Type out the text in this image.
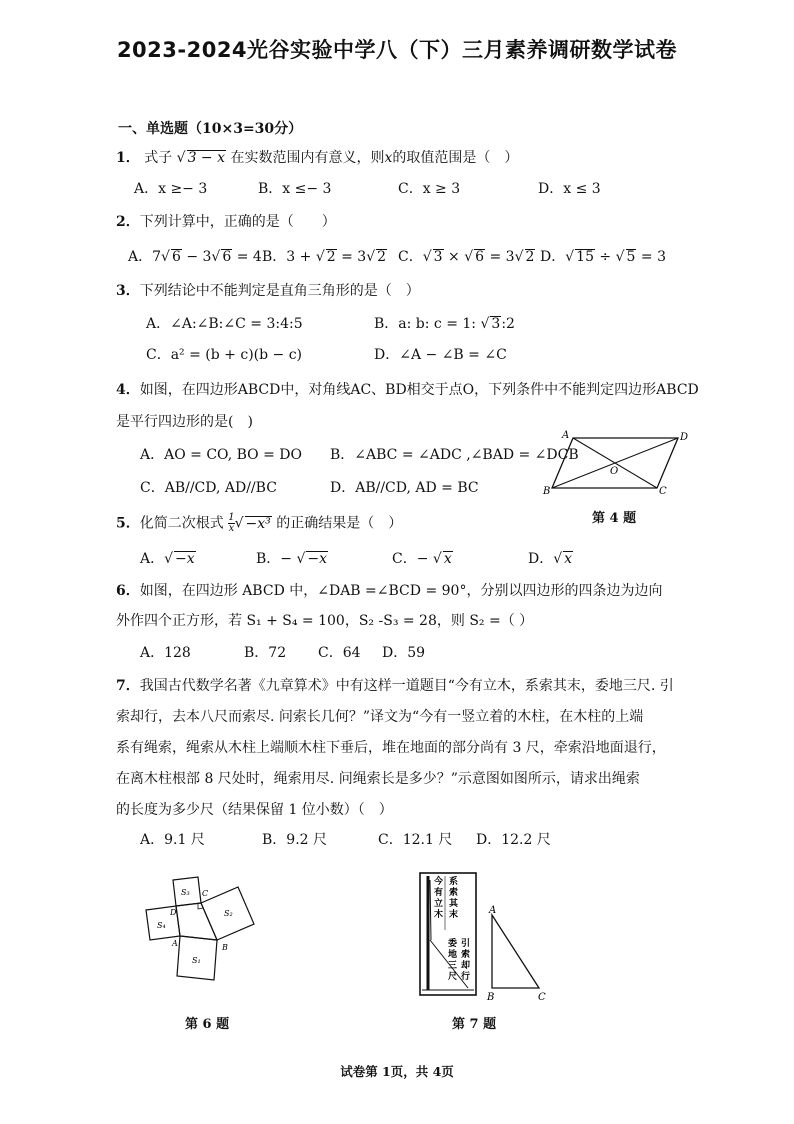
2023-2024光谷实验中学八（下）三月素养调研数学试卷
一、单选题（10×3=30分）
1． 式子 √ 3 − x 在实数范围内有意义，则x的取值范围是（　）
A．x ≥− 3	B．x ≤− 3	C．x ≥ 3	D．x ≤ 3
2．下列计算中，正确的是（　　）
A．7√ 6 − 3√ 6 = 4 B．3 + √ 2 = 3√ 2 C．√ 3 × √ 6 = 3√ 2 D．√ 15 ÷ √ 5 = 3
3．下列结论中不能判定是直角三角形的是（　）
A．∠A:∠B:∠C = 3:4:5	B．a: b: c = 1: √ 3:2
C．a² = (b + c)(b − c)	D．∠A − ∠B = ∠C
4．如图，在四边形ABCD中，对角线AC、BD相交于点O，下列条件中不能判定四边形ABCD
是平行四边形的是(　)
A．AO = CO, BO = DO B．∠ABC = ∠ADC ,∠BAD = ∠DCB
C．AB//CD, AD//BC	D．AB//CD, AD = BC
A	D
O
B	C
第 4 题
5．化简二次根式 $\frac{1}{x}$ √ −x³ 的正确结果是（　）
A．√ −x	B．− √ −x	C．− √ x	D．√ x
6．如图，在四边形 ABCD 中，∠DAB =∠BCD = 90°，分别以四边形的四条边为边向
外作四个正方形，若 S₁ + S₄ = 100，S₂ -S₃ = 28，则 S₂ =（ ）
A．128	B．72 C．64 D．59
7．我国古代数学名著《九章算术》中有这样一道题目“今有立木，系索其末，委地三尺. 引
索却行，去本八尺而索尽. 问索长几何？”译文为“今有一竖立着的木柱，在木柱的上端
系有绳索，绳索从木柱上端顺木柱下垂后，堆在地面的部分尚有 3 尺，牵索沿地面退行，
在离木柱根部 8 尺处时，绳索用尽. 问绳索长是多少？”示意图如图所示，请求出绳索
的长度为多少尺（结果保留 1 位小数）（　）
A．9.1 尺	B．9.2 尺	C．12.1 尺 D．12.2 尺
S₃ C
S₂
D
S₄
A	B
S₁
第 6 题
今
有
立
木
系
索
其
末
委
地
三
尺
引
索
却
行
A
B	C
第 7 题
试卷第 1页，共 4页
